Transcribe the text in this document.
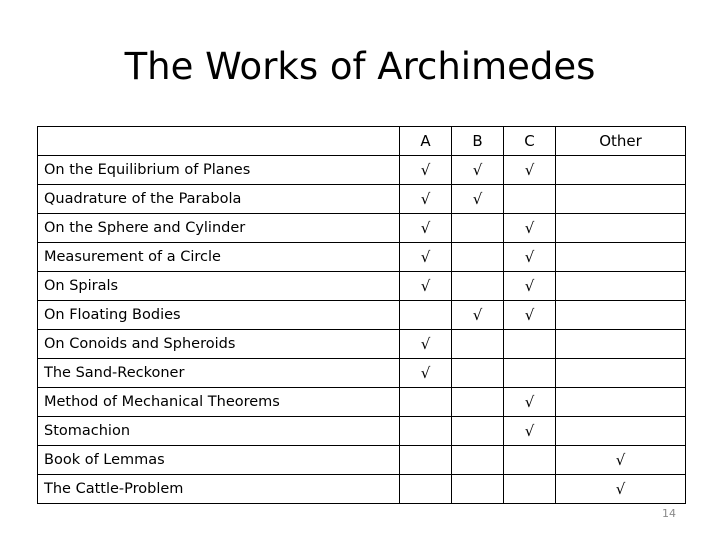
The Works of Archimedes
	A	B	C	Other
On the Equilibrium of Planes	√	√	√	
Quadrature of the Parabola	√	√		
On the Sphere and Cylinder	√		√	
Measurement of a Circle	√		√	
On Spirals	√		√	
On Floating Bodies		√	√	
On Conoids and Spheroids	√			
The Sand-Reckoner	√			
Method of Mechanical Theorems			√	
Stomachion			√	
Book of Lemmas				√
The Cattle-Problem				√
14
